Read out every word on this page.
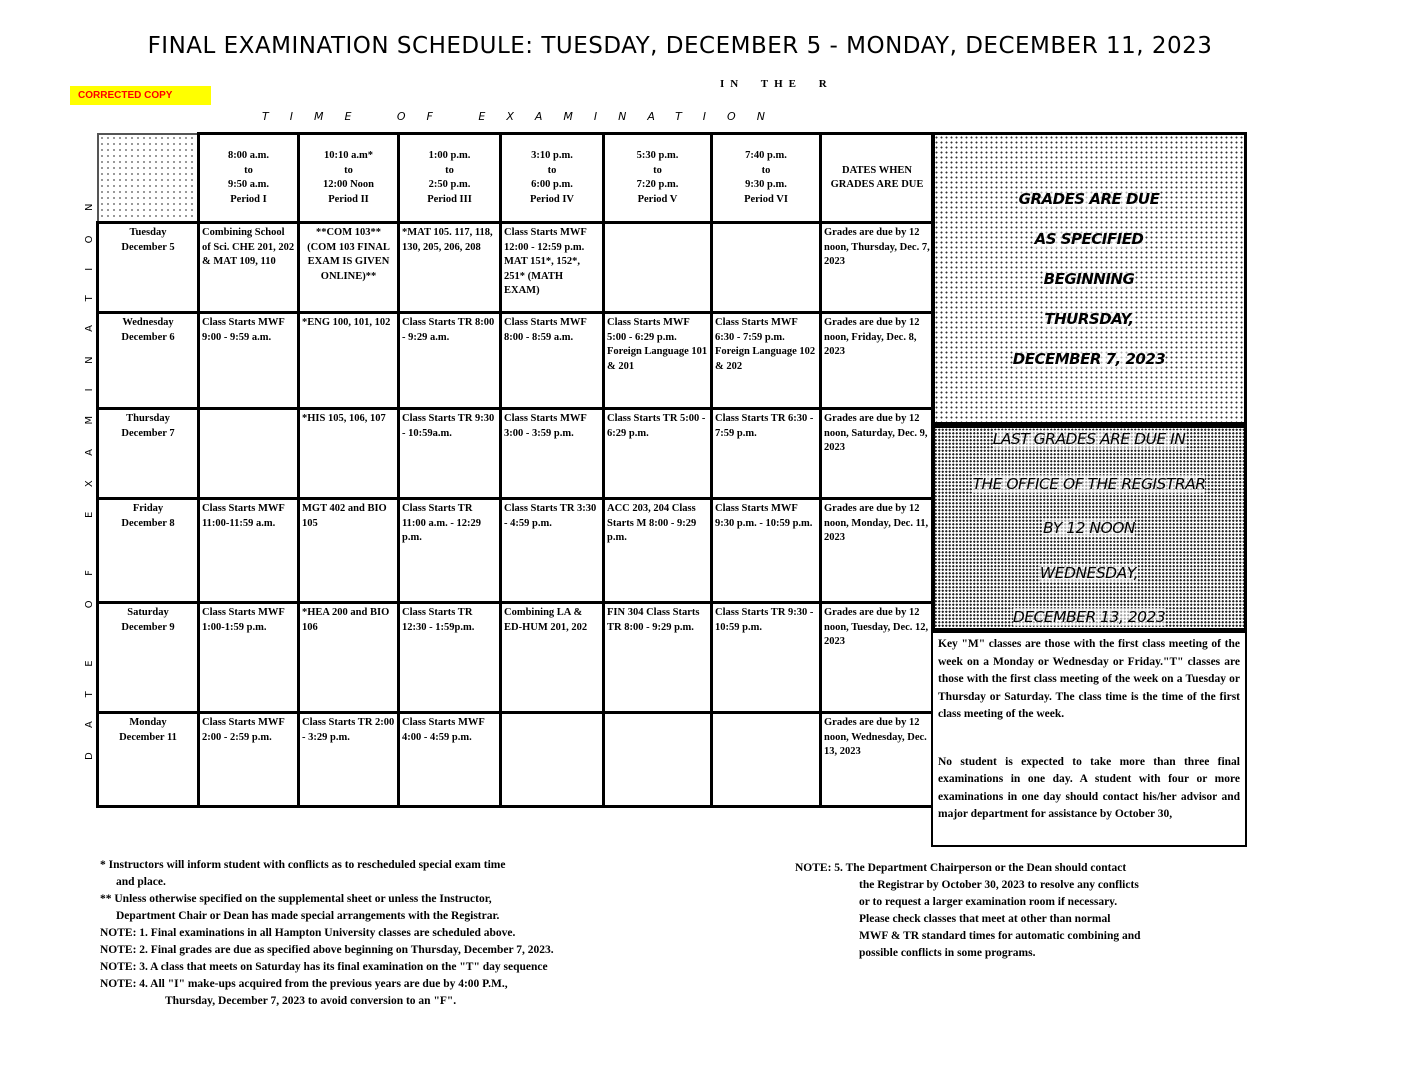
FINAL EXAMINATION SCHEDULE: TUESDAY, DECEMBER 5 - MONDAY, DECEMBER 11, 2023
IN THE R
CORRECTED COPY
TIME OF EXAMINATION
DATE OF EXAMINATION

	8:00 a.m.
to
9:50 a.m.
Period I	10:10 a.m*
to
12:00 Noon
Period II	1:00 p.m.
to
2:50 p.m.
Period III	3:10 p.m.
to
6:00 p.m.
Period IV	5:30 p.m.
to
7:20 p.m.
Period V	7:40 p.m.
to
9:30 p.m.
Period VI	DATES WHEN
GRADES ARE DUE

Tuesday
December 5	Combining School of Sci. CHE 201, 202 & MAT 109, 110	**COM 103** (COM 103 FINAL EXAM IS GIVEN ONLINE)**	*MAT 105. 117, 118, 130, 205, 206, 208	Class Starts MWF 12:00 - 12:59 p.m. MAT 151*, 152*, 251* (MATH EXAM)			Grades are due by 12 noon, Thursday, Dec. 7, 2023

Wednesday
December 6	Class Starts MWF 9:00 - 9:59 a.m.	*ENG 100, 101, 102	Class Starts TR 8:00 - 9:29 a.m.	Class Starts MWF 8:00 - 8:59 a.m.	Class Starts MWF 5:00 - 6:29 p.m. Foreign Language 101 & 201	Class Starts MWF 6:30 - 7:59 p.m. Foreign Language 102 & 202	Grades are due by 12 noon, Friday, Dec. 8, 2023

Thursday
December 7		*HIS 105, 106, 107	Class Starts TR 9:30 - 10:59a.m.	Class Starts MWF 3:00 - 3:59 p.m.	Class Starts TR 5:00 - 6:29 p.m.	Class Starts TR 6:30 - 7:59 p.m.	Grades are due by 12 noon, Saturday, Dec. 9, 2023

Friday
December 8	Class Starts MWF 11:00-11:59 a.m.	MGT 402 and BIO 105	Class Starts TR 11:00 a.m. - 12:29 p.m.	Class Starts TR 3:30 - 4:59 p.m.	ACC 203, 204 Class Starts M 8:00 - 9:29 p.m.	Class Starts MWF 9:30 p.m. - 10:59 p.m.	Grades are due by 12 noon, Monday, Dec. 11, 2023

Saturday
December 9	Class Starts MWF 1:00-1:59 p.m.	*HEA 200 and BIO 106	Class Starts TR 12:30 - 1:59p.m.	Combining LA & ED-HUM 201, 202	FIN 304 Class Starts TR 8:00 - 9:29 p.m.	Class Starts TR 9:30 - 10:59 p.m.	Grades are due by 12 noon, Tuesday, Dec. 12, 2023

Monday
December 11	Class Starts MWF 2:00 - 2:59 p.m.	Class Starts TR 2:00 - 3:29 p.m.	Class Starts MWF 4:00 - 4:59 p.m.				Grades are due by 12 noon, Wednesday, Dec. 13, 2023
GRADES ARE DUE
AS SPECIFIED
BEGINNING
THURSDAY,
DECEMBER 7, 2023
LAST GRADES ARE DUE IN
THE OFFICE OF THE REGISTRAR
BY 12 NOON
WEDNESDAY,
DECEMBER 13, 2023

Key "M" classes are those with the first class meeting of the week on a Monday or Wednesday or Friday."T" classes are those with the first class meeting of the week on a Tuesday or Thursday or Saturday. The class time is the time of the first class meeting of the week.

No student is expected to take more than three final examinations in one day. A student with four or more examinations in one day should contact his/her advisor and major department for assistance by October 30,

* Instructors will inform student with conflicts as to rescheduled special exam time
and place.
** Unless otherwise specified on the supplemental sheet or unless the Instructor,
Department Chair or Dean has made special arrangements with the Registrar.
NOTE: 1. Final examinations in all Hampton University classes are scheduled above.
NOTE: 2. Final grades are due as specified above beginning on Thursday, December 7, 2023.
NOTE: 3. A class that meets on Saturday has its final examination on the "T" day sequence
NOTE: 4. All "I" make-ups acquired from the previous years are due by 4:00 P.M.,
Thursday, December 7, 2023 to avoid conversion to an "F".
NOTE: 5. The Department Chairperson or the Dean should contact
the Registrar by October 30, 2023 to resolve any conflicts
or to request a larger examination room if necessary.
Please check classes that meet at other than normal
MWF & TR standard times for automatic combining and
possible conflicts in some programs.
